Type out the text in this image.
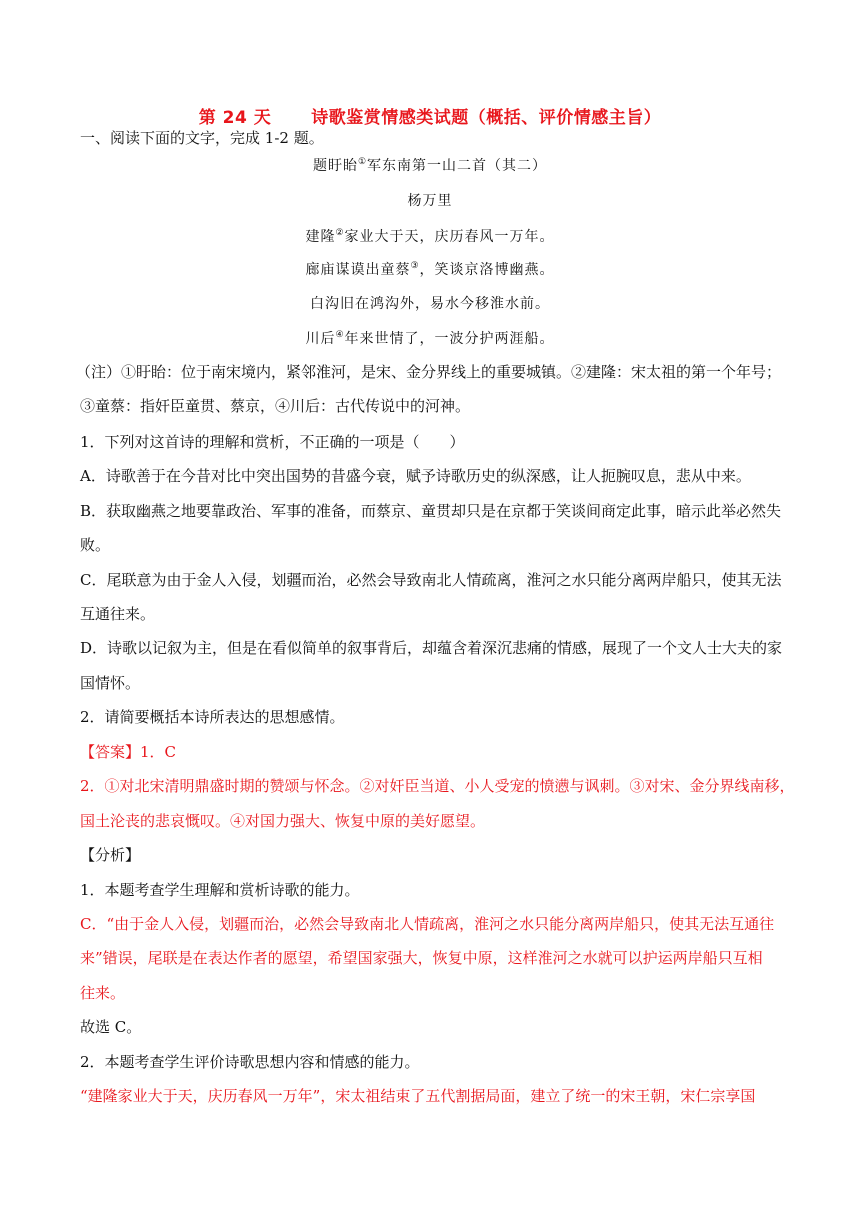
第 24 天 诗歌鉴赏情感类试题（概括、评价情感主旨）
一、阅读下面的文字，完成 1-2 题。
题盱眙①军东南第一山二首（其二）
杨万里
建隆②家业大于天，庆历春风一万年。
廊庙谋谟出童蔡③，笑谈京洛博幽燕。
白沟旧在鸿沟外，易水今移淮水前。
川后④年来世情了，一波分护两涯船。
（注）①盱眙：位于南宋境内，紧邻淮河，是宋、金分界线上的重要城镇。②建隆：宋太祖的第一个年号；
③童蔡：指奸臣童贯、蔡京，④川后：古代传说中的河神。
1．下列对这首诗的理解和赏析，不正确的一项是（　　）
A．诗歌善于在今昔对比中突出国势的昔盛今衰，赋予诗歌历史的纵深感，让人扼腕叹息，悲从中来。
B．获取幽燕之地要靠政治、军事的准备，而蔡京、童贯却只是在京都于笑谈间商定此事，暗示此举必然失
败。
C．尾联意为由于金人入侵，划疆而治，必然会导致南北人情疏离，淮河之水只能分离两岸船只，使其无法
互通往来。
D．诗歌以记叙为主，但是在看似简单的叙事背后，却蕴含着深沉悲痛的情感，展现了一个文人士大夫的家
国情怀。
2．请简要概括本诗所表达的思想感情。
【答案】1．C
2．①对北宋清明鼎盛时期的赞颂与怀念。②对奸臣当道、小人受宠的愤懑与讽刺。③对宋、金分界线南移，
国土沦丧的悲哀慨叹。④对国力强大、恢复中原的美好愿望。
【分析】
1．本题考查学生理解和赏析诗歌的能力。
C．“由于金人入侵，划疆而治，必然会导致南北人情疏离，淮河之水只能分离两岸船只，使其无法互通往
来”错误，尾联是在表达作者的愿望，希望国家强大，恢复中原，这样淮河之水就可以护运两岸船只互相
往来。
故选 C。
2．本题考查学生评价诗歌思想内容和情感的能力。
“建隆家业大于天，庆历春风一万年”，宋太祖结束了五代割据局面，建立了统一的宋王朝，宋仁宗享国
